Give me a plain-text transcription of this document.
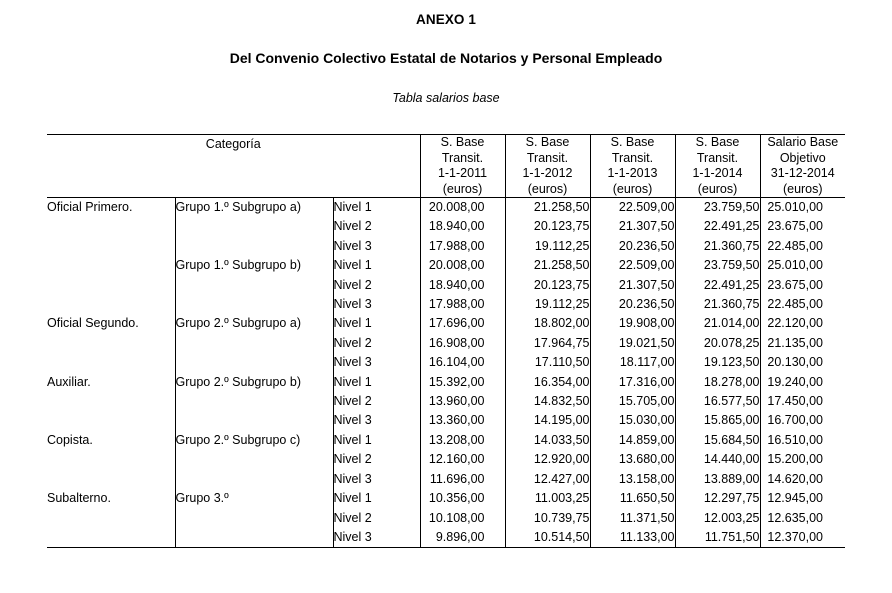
ANEXO 1
Del Convenio Colectivo Estatal de Notarios y Personal Empleado
Tabla salarios base
Categoría			S. Base
Transit.
1-1-2011
(euros)	S. Base
Transit.
1-1-2012
(euros)	S. Base
Transit.
1-1-2013
(euros)	S. Base
Transit.
1-1-2014
(euros)	Salario Base
Objetivo
31-12-2014
(euros)

Oficial Primero.	Grupo 1.º Subgrupo a)	Nivel 1	20.008,00	21.258,50	22.509,00	23.759,50	25.010,00
		Nivel 2	18.940,00	20.123,75	21.307,50	22.491,25	23.675,00
		Nivel 3	17.988,00	19.112,25	20.236,50	21.360,75	22.485,00
	Grupo 1.º Subgrupo b)	Nivel 1	20.008,00	21.258,50	22.509,00	23.759,50	25.010,00
		Nivel 2	18.940,00	20.123,75	21.307,50	22.491,25	23.675,00
		Nivel 3	17.988,00	19.112,25	20.236,50	21.360,75	22.485,00
Oficial Segundo.	Grupo 2.º Subgrupo a)	Nivel 1	17.696,00	18.802,00	19.908,00	21.014,00	22.120,00
		Nivel 2	16.908,00	17.964,75	19.021,50	20.078,25	21.135,00
		Nivel 3	16.104,00	17.110,50	18.117,00	19.123,50	20.130,00
Auxiliar.	Grupo 2.º Subgrupo b)	Nivel 1	15.392,00	16.354,00	17.316,00	18.278,00	19.240,00
		Nivel 2	13.960,00	14.832,50	15.705,00	16.577,50	17.450,00
		Nivel 3	13.360,00	14.195,00	15.030,00	15.865,00	16.700,00
Copista.	Grupo 2.º Subgrupo c)	Nivel 1	13.208,00	14.033,50	14.859,00	15.684,50	16.510,00
		Nivel 2	12.160,00	12.920,00	13.680,00	14.440,00	15.200,00
		Nivel 3	11.696,00	12.427,00	13.158,00	13.889,00	14.620,00
Subalterno.	Grupo 3.º	Nivel 1	10.356,00	11.003,25	11.650,50	12.297,75	12.945,00
		Nivel 2	10.108,00	10.739,75	11.371,50	12.003,25	12.635,00
		Nivel 3	9.896,00	10.514,50	11.133,00	11.751,50	12.370,00
